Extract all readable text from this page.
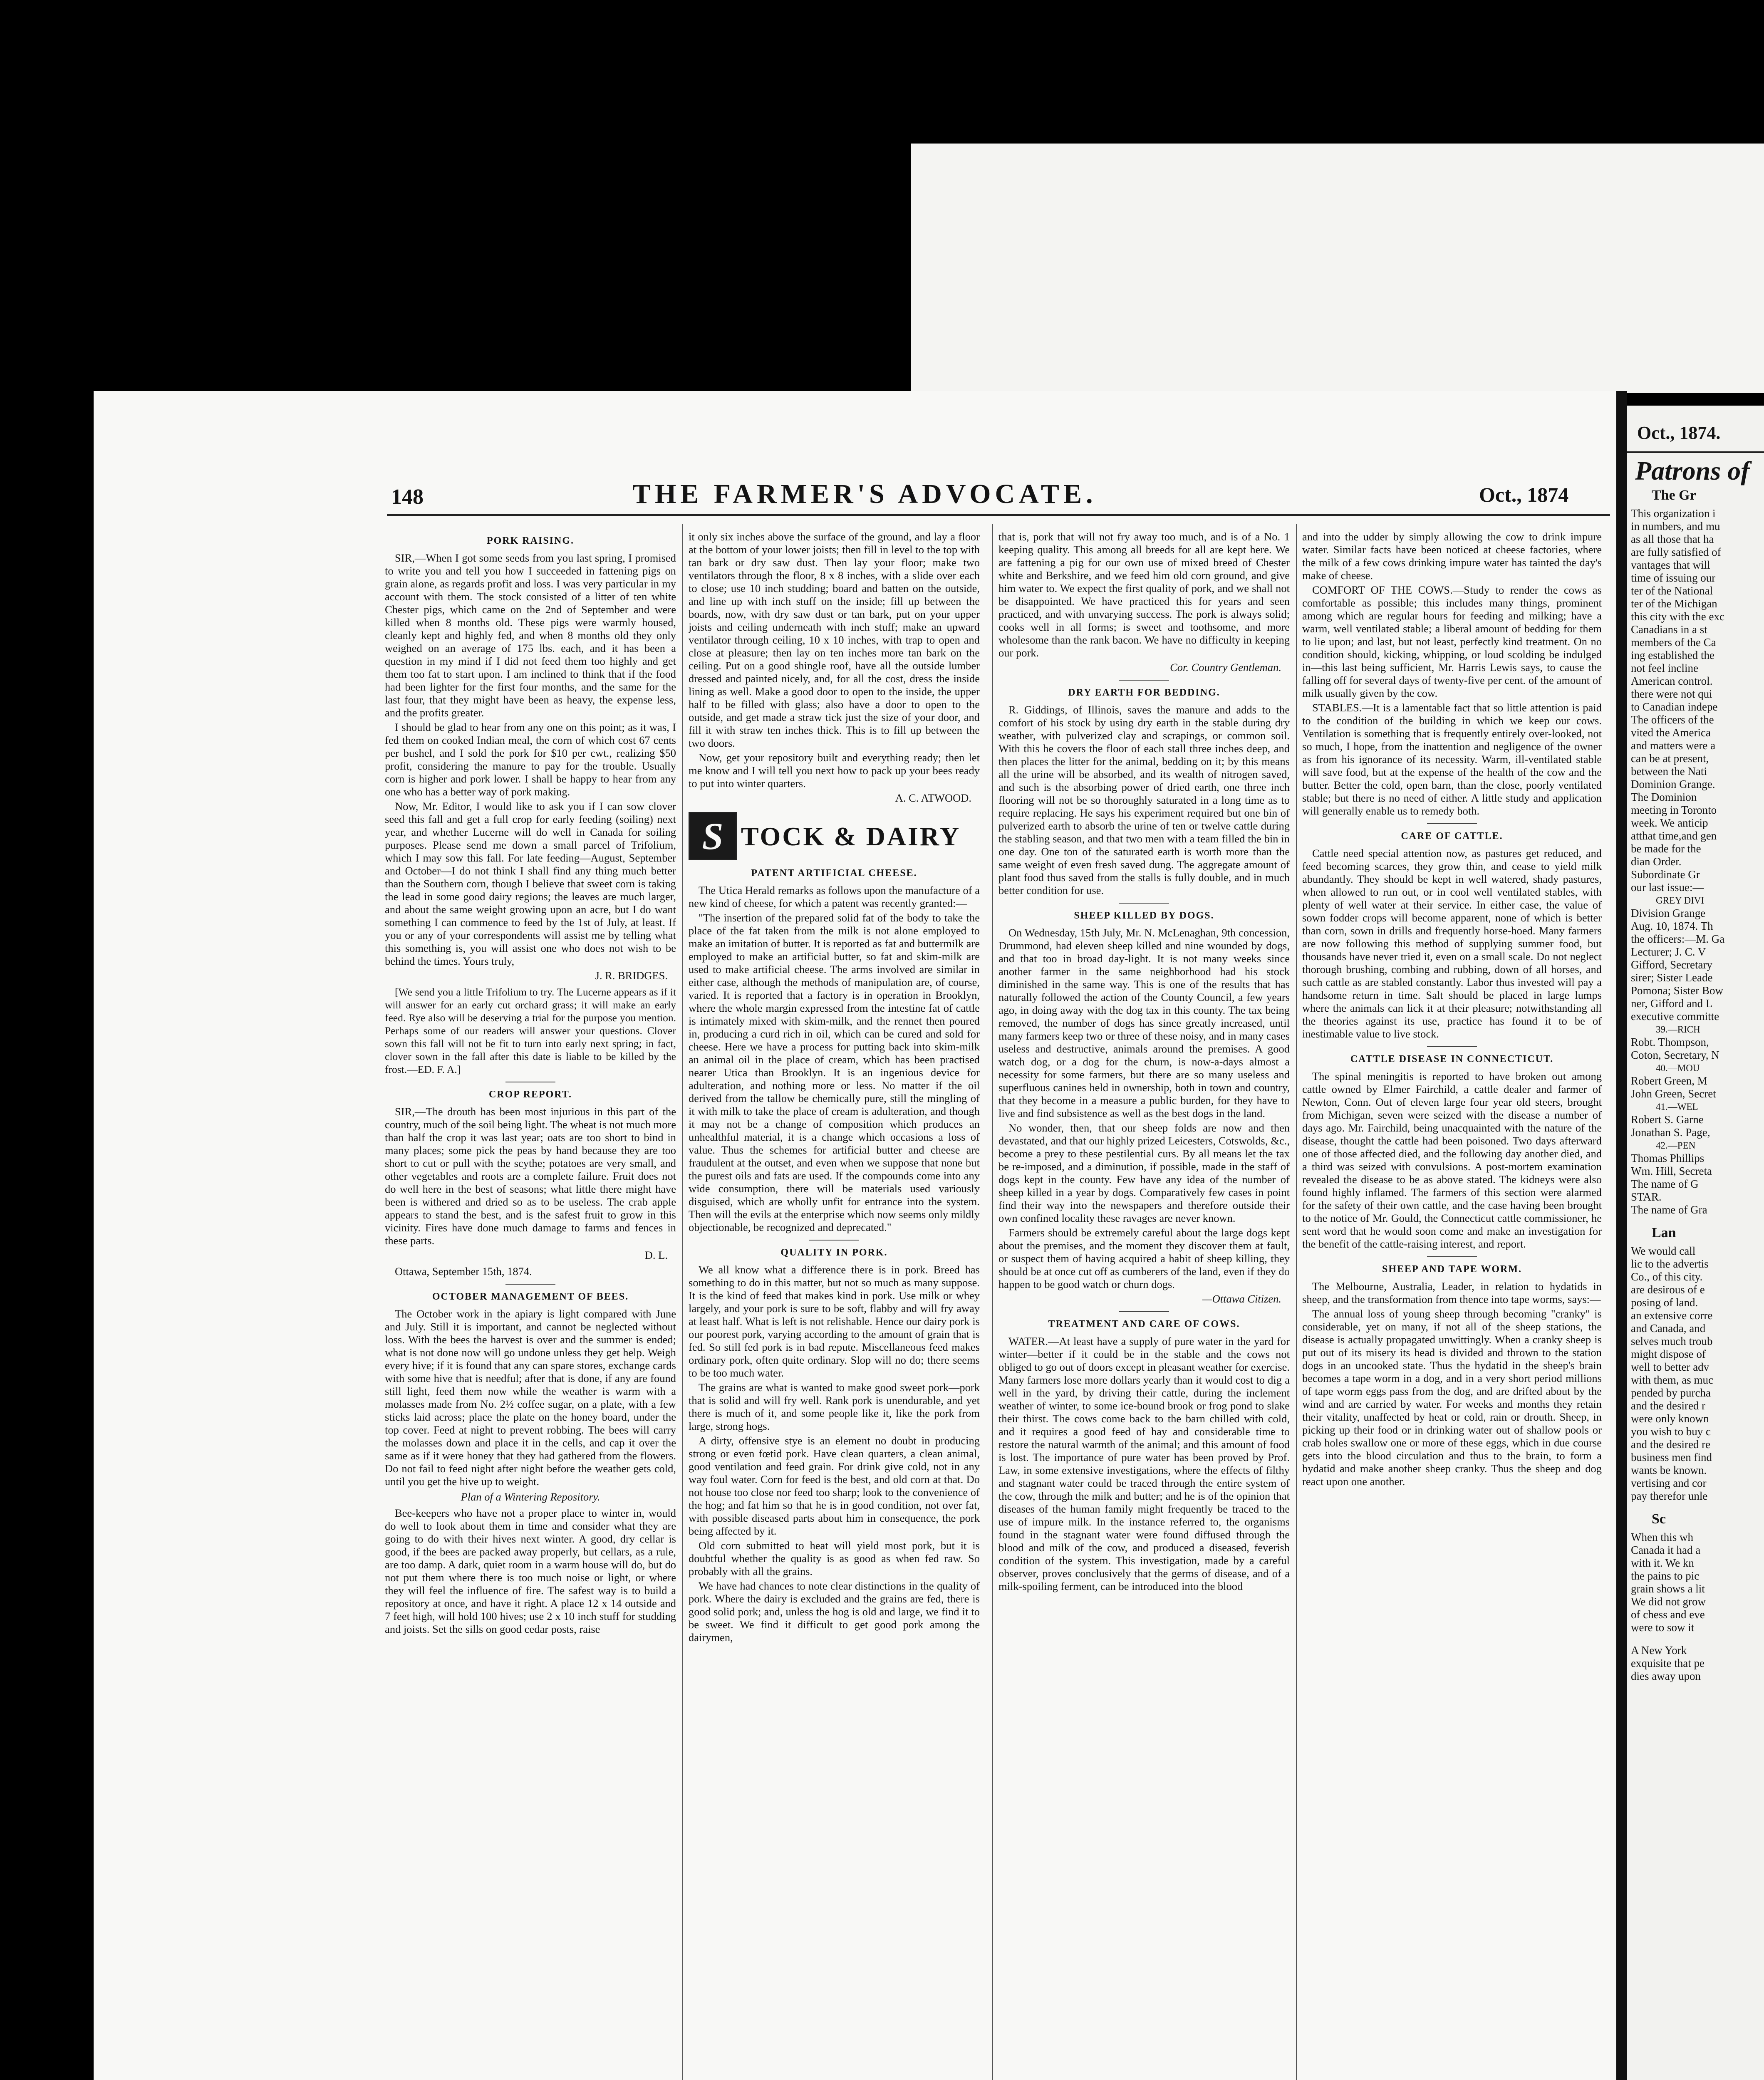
148	THE FARMER'S ADVOCATE.	Oct., 1874
PORK RAISING.

SIR,—When I got some seeds from you last spring, I promised to write you and tell you how I succeeded in fattening pigs on grain alone, as regards profit and loss. I was very particular in my account with them. The stock consisted of a litter of ten white Chester pigs, which came on the 2nd of September and were killed when 8 months old. These pigs were warmly housed, cleanly kept and highly fed, and when 8 months old they only weighed on an average of 175 lbs. each, and it has been a question in my mind if I did not feed them too highly and get them too fat to start upon. I am inclined to think that if the food had been lighter for the first four months, and the same for the last four, that they might have been as heavy, the expense less, and the profits greater.

I should be glad to hear from any one on this point; as it was, I fed them on cooked Indian meal, the corn of which cost 67 cents per bushel, and I sold the pork for $10 per cwt., realizing $50 profit, considering the manure to pay for the trouble. Usually corn is higher and pork lower. I shall be happy to hear from any one who has a better way of pork making.

Now, Mr. Editor, I would like to ask you if I can sow clover seed this fall and get a full crop for early feeding (soiling) next year, and whether Lucerne will do well in Canada for soiling purposes. Please send me down a small parcel of Trifolium, which I may sow this fall. For late feeding—August, September and October—I do not think I shall find any thing much better than the Southern corn, though I believe that sweet corn is taking the lead in some good dairy regions; the leaves are much larger, and about the same weight growing upon an acre, but I do want something I can commence to feed by the 1st of July, at least. If you or any of your correspondents will assist me by telling what this something is, you will assist one who does not wish to be behind the times. Yours truly,

J. R. BRIDGES.

[We send you a little Trifolium to try. The Lucerne appears as if it will answer for an early cut orchard grass; it will make an early feed. Rye also will be deserving a trial for the purpose you mention. Perhaps some of our readers will answer your questions. Clover sown this fall will not be fit to turn into early next spring; in fact, clover sown in the fall after this date is liable to be killed by the frost.—ED. F. A.]

CROP REPORT.

SIR,—The drouth has been most injurious in this part of the country, much of the soil being light. The wheat is not much more than half the crop it was last year; oats are too short to bind in many places; some pick the peas by hand because they are too short to cut or pull with the scythe; potatoes are very small, and other vegetables and roots are a complete failure. Fruit does not do well here in the best of seasons; what little there might have been is withered and dried so as to be useless. The crab apple appears to stand the best, and is the safest fruit to grow in this vicinity. Fires have done much damage to farms and fences in these parts.

D. L.

Ottawa, September 15th, 1874.

OCTOBER MANAGEMENT OF BEES.

The October work in the apiary is light compared with June and July. Still it is important, and cannot be neglected without loss. With the bees the harvest is over and the summer is ended; what is not done now will go undone unless they get help. Weigh every hive; if it is found that any can spare stores, exchange cards with some hive that is needful; after that is done, if any are found still light, feed them now while the weather is warm with a molasses made from No. 2½ coffee sugar, on a plate, with a few sticks laid across; place the plate on the honey board, under the top cover. Feed at night to prevent robbing. The bees will carry the molasses down and place it in the cells, and cap it over the same as if it were honey that they had gathered from the flowers. Do not fail to feed night after night before the weather gets cold, until you get the hive up to weight.

Plan of a Wintering Repository.

Bee-keepers who have not a proper place to winter in, would do well to look about them in time and consider what they are going to do with their hives next winter. A good, dry cellar is good, if the bees are packed away properly, but cellars, as a rule, are too damp. A dark, quiet room in a warm house will do, but do not put them where there is too much noise or light, or where they will feel the influence of fire. The safest way is to build a repository at once, and have it right. A place 12 x 14 outside and 7 feet high, will hold 100 hives; use 2 x 10 inch stuff for studding and joists. Set the sills on good cedar posts, raise

it only six inches above the surface of the ground, and lay a floor at the bottom of your lower joists; then fill in level to the top with tan bark or dry saw dust. Then lay your floor; make two ventilators through the floor, 8 x 8 inches, with a slide over each to close; use 10 inch studding; board and batten on the outside, and line up with inch stuff on the inside; fill up between the boards, now, with dry saw dust or tan bark, put on your upper joists and ceiling underneath with inch stuff; make an upward ventilator through ceiling, 10 x 10 inches, with trap to open and close at pleasure; then lay on ten inches more tan bark on the ceiling. Put on a good shingle roof, have all the outside lumber dressed and painted nicely, and, for all the cost, dress the inside lining as well. Make a good door to open to the inside, the upper half to be filled with glass; also have a door to open to the outside, and get made a straw tick just the size of your door, and fill it with straw ten inches thick. This is to fill up between the two doors.

Now, get your repository built and everything ready; then let me know and I will tell you next how to pack up your bees ready to put into winter quarters.

A. C. ATWOOD.
S TOCK & DAIRY
PATENT ARTIFICIAL CHEESE.

The Utica Herald remarks as follows upon the manufacture of a new kind of cheese, for which a patent was recently granted:—

"The insertion of the prepared solid fat of the body to take the place of the fat taken from the milk is not alone employed to make an imitation of butter. It is reported as fat and buttermilk are employed to make an artificial butter, so fat and skim-milk are used to make artificial cheese. The arms involved are similar in either case, although the methods of manipulation are, of course, varied. It is reported that a factory is in operation in Brooklyn, where the whole margin expressed from the intestine fat of cattle is intimately mixed with skim-milk, and the rennet then poured in, producing a curd rich in oil, which can be cured and sold for cheese. Here we have a process for putting back into skim-milk an animal oil in the place of cream, which has been practised nearer Utica than Brooklyn. It is an ingenious device for adulteration, and nothing more or less. No matter if the oil derived from the tallow be chemically pure, still the mingling of it with milk to take the place of cream is adulteration, and though it may not be a change of composition which produces an unhealthful material, it is a change which occasions a loss of value. Thus the schemes for artificial butter and cheese are fraudulent at the outset, and even when we suppose that none but the purest oils and fats are used. If the compounds come into any wide consumption, there will be materials used variously disguised, which are wholly unfit for entrance into the system. Then will the evils at the enterprise which now seems only mildly objectionable, be recognized and deprecated."

QUALITY IN PORK.

We all know what a difference there is in pork. Breed has something to do in this matter, but not so much as many suppose. It is the kind of feed that makes kind in pork. Use milk or whey largely, and your pork is sure to be soft, flabby and will fry away at least half. What is left is not relishable. Hence our dairy pork is our poorest pork, varying according to the amount of grain that is fed. So still fed pork is in bad repute. Miscellaneous feed makes ordinary pork, often quite ordinary. Slop will no do; there seems to be too much water.

The grains are what is wanted to make good sweet pork—pork that is solid and will fry well. Rank pork is unendurable, and yet there is much of it, and some people like it, like the pork from large, strong hogs.

A dirty, offensive stye is an element no doubt in producing strong or even fœtid pork. Have clean quarters, a clean animal, good ventilation and feed grain. For drink give cold, not in any way foul water. Corn for feed is the best, and old corn at that. Do not house too close nor feed too sharp; look to the convenience of the hog; and fat him so that he is in good condition, not over fat, with possible diseased parts about him in consequence, the pork being affected by it.

Old corn submitted to heat will yield most pork, but it is doubtful whether the quality is as good as when fed raw. So probably with all the grains.

We have had chances to note clear distinctions in the quality of pork. Where the dairy is excluded and the grains are fed, there is good solid pork; and, unless the hog is old and large, we find it to be sweet. We find it difficult to get good pork among the dairymen,

that is, pork that will not fry away too much, and is of a No. 1 keeping quality. This among all breeds for all are kept here. We are fattening a pig for our own use of mixed breed of Chester white and Berkshire, and we feed him old corn ground, and give him water to. We expect the first quality of pork, and we shall not be disappointed. We have practiced this for years and seen practiced, and with unvarying success. The pork is always solid; cooks well in all forms; is sweet and toothsome, and more wholesome than the rank bacon. We have no difficulty in keeping our pork.

Cor. Country Gentleman.
DRY EARTH FOR BEDDING.

R. Giddings, of Illinois, saves the manure and adds to the comfort of his stock by using dry earth in the stable during dry weather, with pulverized clay and scrapings, or common soil. With this he covers the floor of each stall three inches deep, and then places the litter for the animal, bedding on it; by this means all the urine will be absorbed, and its wealth of nitrogen saved, and such is the absorbing power of dried earth, one three inch flooring will not be so thoroughly saturated in a long time as to require replacing. He says his experiment required but one bin of pulverized earth to absorb the urine of ten or twelve cattle during the stabling season, and that two men with a team filled the bin in one day. One ton of the saturated earth is worth more than the same weight of even fresh saved dung. The aggregate amount of plant food thus saved from the stalls is fully double, and in much better condition for use.

SHEEP KILLED BY DOGS.

On Wednesday, 15th July, Mr. N. McLenaghan, 9th concession, Drummond, had eleven sheep killed and nine wounded by dogs, and that too in broad day-light. It is not many weeks since another farmer in the same neighborhood had his stock diminished in the same way. This is one of the results that has naturally followed the action of the County Council, a few years ago, in doing away with the dog tax in this county. The tax being removed, the number of dogs has since greatly increased, until many farmers keep two or three of these noisy, and in many cases useless and destructive, animals around the premises. A good watch dog, or a dog for the churn, is now-a-days almost a necessity for some farmers, but there are so many useless and superfluous canines held in ownership, both in town and country, that they become in a measure a public burden, for they have to live and find subsistence as well as the best dogs in the land.

No wonder, then, that our sheep folds are now and then devastated, and that our highly prized Leicesters, Cotswolds, &c., become a prey to these pestilential curs. By all means let the tax be re-imposed, and a diminution, if possible, made in the staff of dogs kept in the county. Few have any idea of the number of sheep killed in a year by dogs. Comparatively few cases in point find their way into the newspapers and therefore outside their own confined locality these ravages are never known.

Farmers should be extremely careful about the large dogs kept about the premises, and the moment they discover them at fault, or suspect them of having acquired a habit of sheep killing, they should be at once cut off as cumberers of the land, even if they do happen to be good watch or churn dogs.

—Ottawa Citizen.
TREATMENT AND CARE OF COWS.

WATER.—At least have a supply of pure water in the yard for winter—better if it could be in the stable and the cows not obliged to go out of doors except in pleasant weather for exercise. Many farmers lose more dollars yearly than it would cost to dig a well in the yard, by driving their cattle, during the inclement weather of winter, to some ice-bound brook or frog pond to slake their thirst. The cows come back to the barn chilled with cold, and it requires a good feed of hay and considerable time to restore the natural warmth of the animal; and this amount of food is lost. The importance of pure water has been proved by Prof. Law, in some extensive investigations, where the effects of filthy and stagnant water could be traced through the entire system of the cow, through the milk and butter; and he is of the opinion that diseases of the human family might frequently be traced to the use of impure milk. In the instance referred to, the organisms found in the stagnant water were found diffused through the blood and milk of the cow, and produced a diseased, feverish condition of the system. This investigation, made by a careful observer, proves conclusively that the germs of disease, and of a milk-spoiling ferment, can be introduced into the blood

and into the udder by simply allowing the cow to drink impure water. Similar facts have been noticed at cheese factories, where the milk of a few cows drinking impure water has tainted the day's make of cheese.

COMFORT OF THE COWS.—Study to render the cows as comfortable as possible; this includes many things, prominent among which are regular hours for feeding and milking; have a warm, well ventilated stable; a liberal amount of bedding for them to lie upon; and last, but not least, perfectly kind treatment. On no condition should, kicking, whipping, or loud scolding be indulged in—this last being sufficient, Mr. Harris Lewis says, to cause the falling off for several days of twenty-five per cent. of the amount of milk usually given by the cow.

STABLES.—It is a lamentable fact that so little attention is paid to the condition of the building in which we keep our cows. Ventilation is something that is frequently entirely over-looked, not so much, I hope, from the inattention and negligence of the owner as from his ignorance of its necessity. Warm, ill-ventilated stable will save food, but at the expense of the health of the cow and the butter. Better the cold, open barn, than the close, poorly ventilated stable; but there is no need of either. A little study and application will generally enable us to remedy both.

CARE OF CATTLE.

Cattle need special attention now, as pastures get reduced, and feed becoming scarces, they grow thin, and cease to yield milk abundantly. They should be kept in well watered, shady pastures, when allowed to run out, or in cool well ventilated stables, with plenty of well water at their service. In either case, the value of sown fodder crops will become apparent, none of which is better than corn, sown in drills and frequently horse-hoed. Many farmers are now following this method of supplying summer food, but thousands have never tried it, even on a small scale. Do not neglect thorough brushing, combing and rubbing, down of all horses, and such cattle as are stabled constantly. Labor thus invested will pay a handsome return in time. Salt should be placed in large lumps where the animals can lick it at their pleasure; notwithstanding all the theories against its use, practice has found it to be of inestimable value to live stock.

CATTLE DISEASE IN CONNECTICUT.

The spinal meningitis is reported to have broken out among cattle owned by Elmer Fairchild, a cattle dealer and farmer of Newton, Conn. Out of eleven large four year old steers, brought from Michigan, seven were seized with the disease a number of days ago. Mr. Fairchild, being unacquainted with the nature of the disease, thought the cattle had been poisoned. Two days afterward one of those affected died, and the following day another died, and a third was seized with convulsions. A post-mortem examination revealed the disease to be as above stated. The kidneys were also found highly inflamed. The farmers of this section were alarmed for the safety of their own cattle, and the case having been brought to the notice of Mr. Gould, the Connecticut cattle commissioner, he sent word that he would soon come and make an investigation for the benefit of the cattle-raising interest, and report.

SHEEP AND TAPE WORM.

The Melbourne, Australia, Leader, in relation to hydatids in sheep, and the transformation from thence into tape worms, says:—

The annual loss of young sheep through becoming "cranky" is considerable, yet on many, if not all of the sheep stations, the disease is actually propagated unwittingly. When a cranky sheep is put out of its misery its head is divided and thrown to the station dogs in an uncooked state. Thus the hydatid in the sheep's brain becomes a tape worm in a dog, and in a very short period millions of tape worm eggs pass from the dog, and are drifted about by the wind and are carried by water. For weeks and months they retain their vitality, unaffected by heat or cold, rain or drouth. Sheep, in picking up their food or in drinking water out of shallow pools or crab holes swallow one or more of these eggs, which in due course gets into the blood circulation and thus to the brain, to form a hydatid and make another sheep cranky. Thus the sheep and dog react upon one another.

Oct., 1874.
Patrons of
The Gr
This organization i
in numbers, and mu
as all those that ha
are fully satisfied of
vantages that will
time of issuing our
ter of the National
ter of the Michigan
this city with the exc
Canadians in a st
members of the Ca
ing established the
not feel incline
American control.
there were not qui
to Canadian indepe
The officers of the
vited the America
and matters were a
can be at present,
between the Nati
Dominion Grange.
The Dominion
meeting in Toronto
week. We anticip
atthat time,and gen
be made for the
dian Order.
Subordinate Gr
our last issue:—
GREY DIVI
Division Grange
Aug. 10, 1874. Th
the officers:—M. Ga
Lecturer; J. C. V
Gifford, Secretary
sirer; Sister Leade
Pomona; Sister Bow
ner, Gifford and L
executive committe
39.—RICH
Robt. Thompson,
Coton, Secretary, N
40.—MOU
Robert Green, M
John Green, Secret
41.—WEL
Robert S. Garne
Jonathan S. Page,
42.—PEN
Thomas Phillips
Wm. Hill, Secreta
The name of G
STAR.
The name of Gra
Lan
We would call
lic to the advertis
Co., of this city.
are desirous of e
posing of land.
an extensive corre
and Canada, and
selves much troub
might dispose of
well to better adv
with them, as muc
pended by purcha
and the desired r
were only known
you wish to buy c
and the desired re
business men find
wants be known.
vertising and cor
pay therefor unle
Sc
When this wh
Canada it had a
with it. We kn
the pains to pic
grain shows a lit
We did not grow
of chess and eve
were to sow it
A New York
exquisite that pe
dies away upon
